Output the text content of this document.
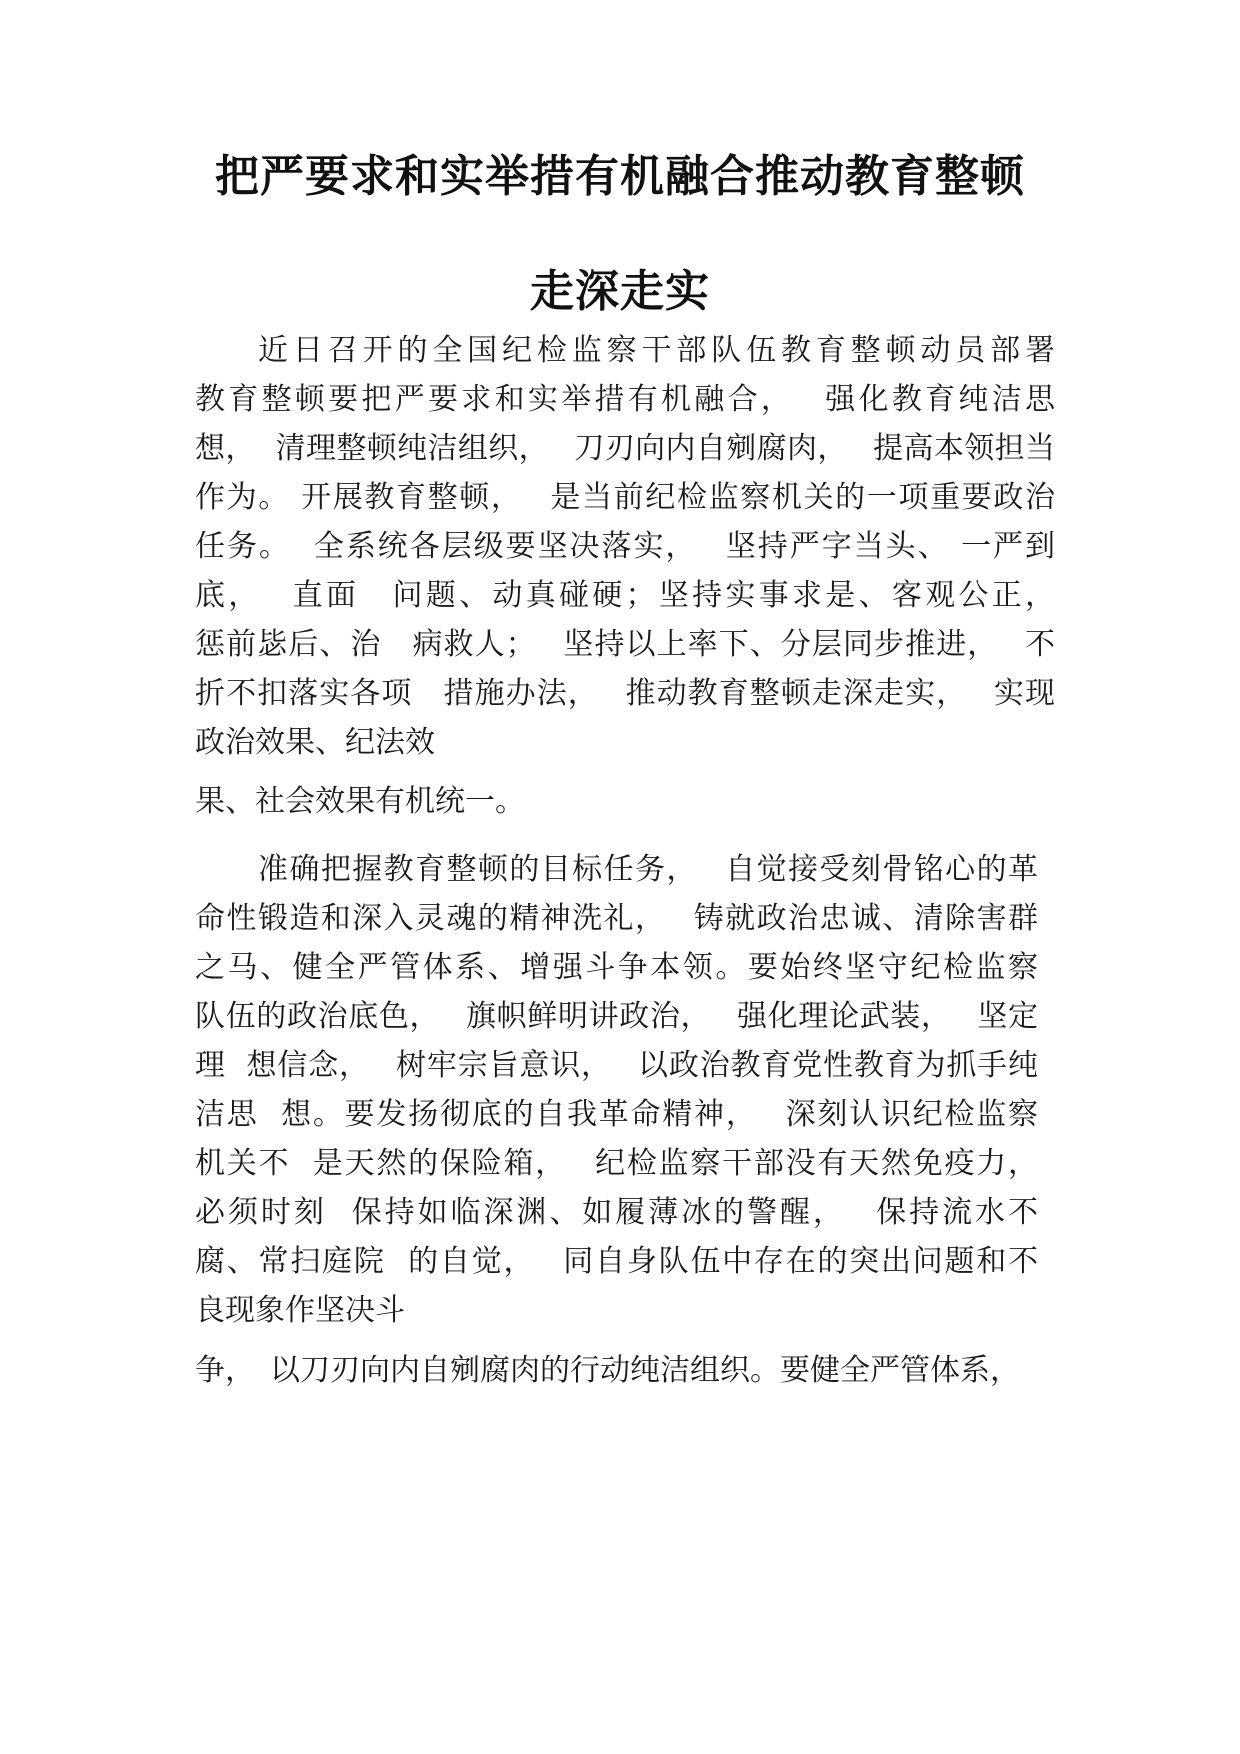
把严要求和实举措有机融合推动教育整顿
走深走实
近日召开的全国纪检监察干部队伍教育整顿动员部署
教育整顿要把严要求和实举措有机融合，　 强化教育纯洁思
想，  清理整顿纯洁组织，　 刀刃向内自剜腐肉，　 提高本领担当
作为。 开展教育整顿，　 是当前纪检监察机关的一项重要政治
任务。  全系统各层级要坚决落实，　 坚持严字当头、 一严到
底，　 直面　问题、动真碰硬；坚持实事求是、客观公正，
惩前毖后、治　病救人；　 坚持以上率下、分层同步推进，　 不
折不扣落实各项　措施办法，　 推动教育整顿走深走实，　 实现
政治效果、纪法效
果、社会效果有机统一。
准确把握教育整顿的目标任务，　 自觉接受刻骨铭心的革
命性锻造和深入灵魂的精神洗礼，　 铸就政治忠诚、清除害群
之马、健全严管体系、增强斗争本领。要始终坚守纪检监察
队伍的政治底色，　 旗帜鲜明讲政治，　 强化理论武装，　 坚定
理  想信念，　 树牢宗旨意识，　 以政治教育党性教育为抓手纯
洁思  想。要发扬彻底的自我革命精神，　 深刻认识纪检监察
机关不  是天然的保险箱，　 纪检监察干部没有天然免疫力，
必须时刻  保持如临深渊、如履薄冰的警醒，　 保持流水不
腐、常扫庭院  的自觉，　 同自身队伍中存在的突出问题和不
良现象作坚决斗
争，　以刀刃向内自剜腐肉的行动纯洁组织。要健全严管体系，
